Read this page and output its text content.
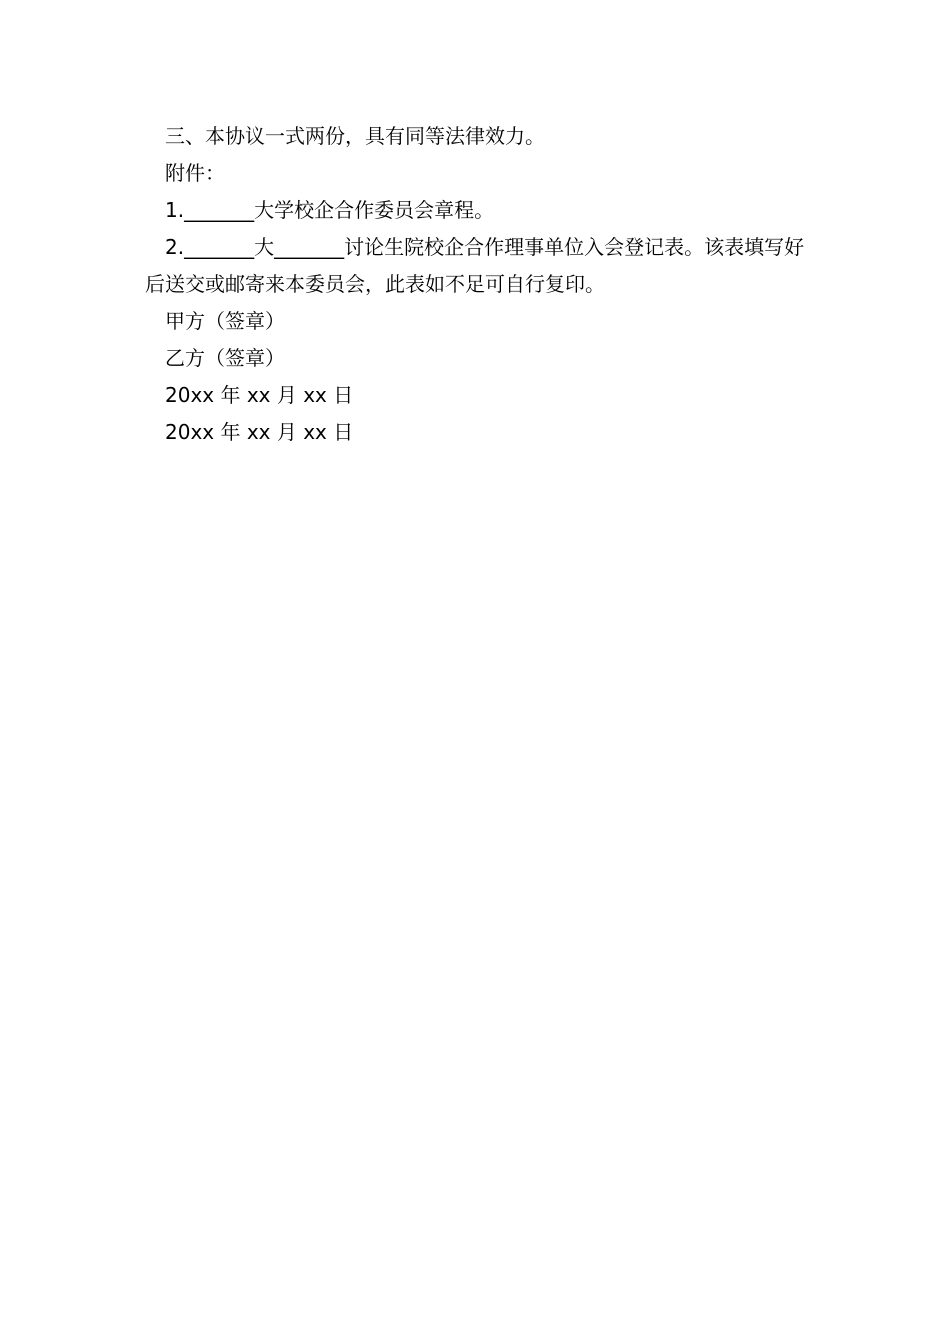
三、本协议一式两份，具有同等法律效力。

附件：

1._______大学校企合作委员会章程。

2._______大_______讨论生院校企合作理事单位入会登记表。该表填写好后送交或邮寄来本委员会，此表如不足可自行复印。

甲方（签章）

乙方（签章）

20xx 年 xx 月 xx 日

20xx 年 xx 月 xx 日
